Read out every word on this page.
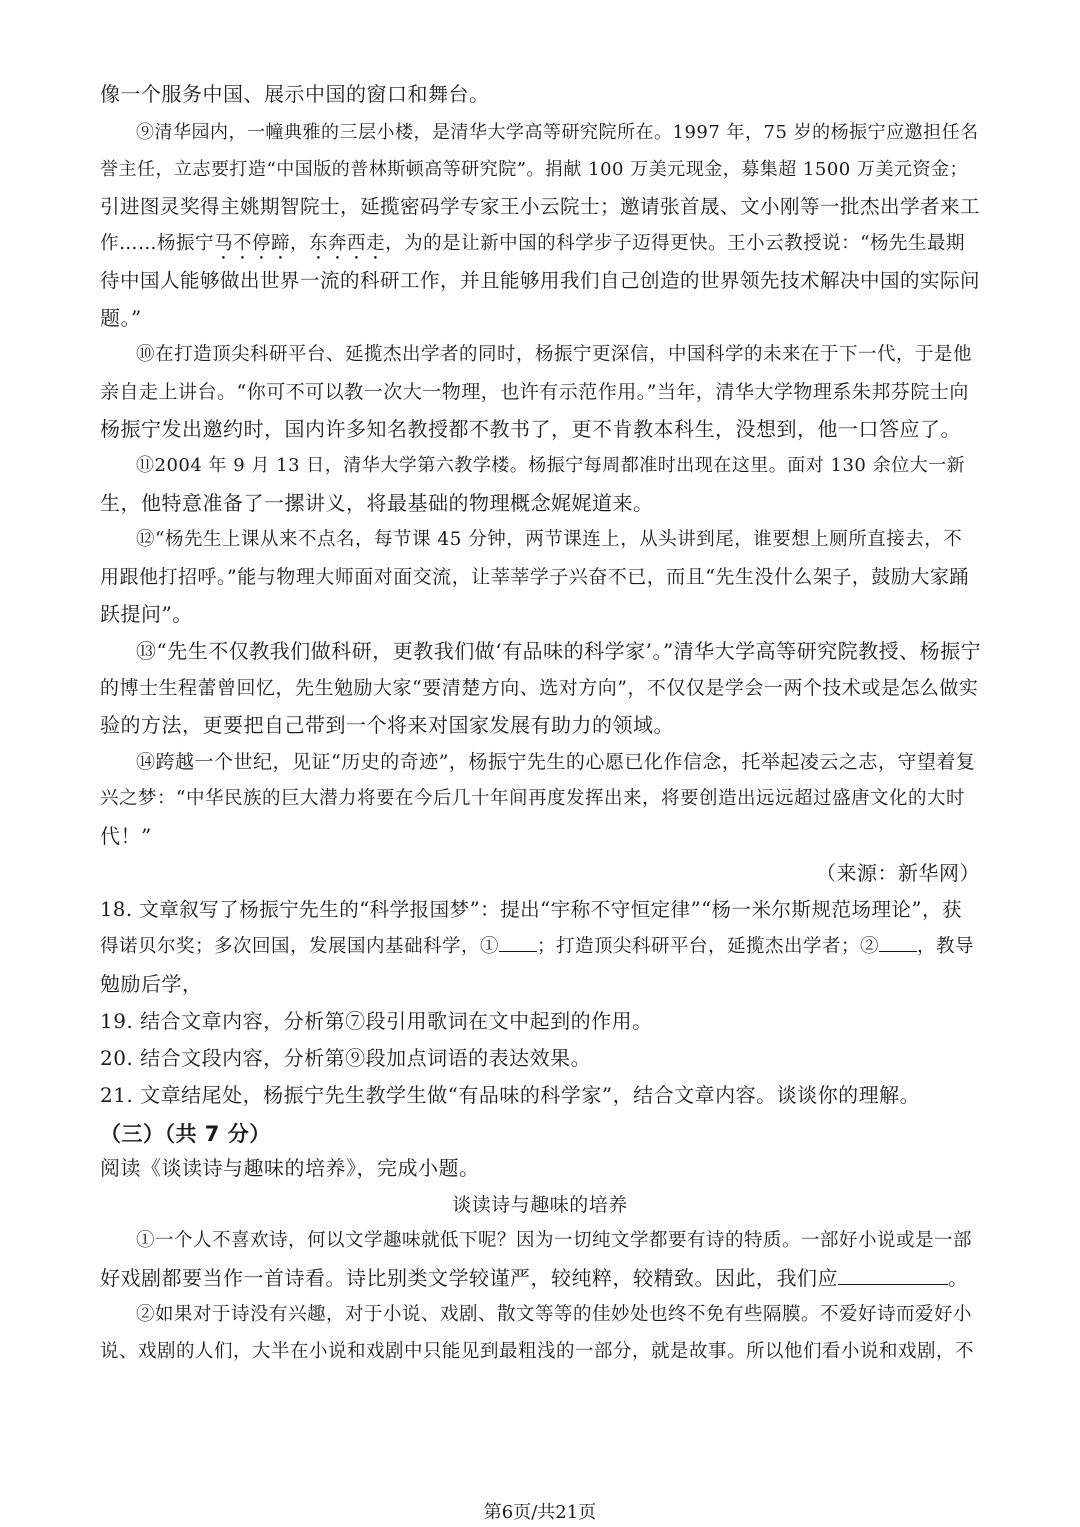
像一个服务中国、展示中国的窗口和舞台。
⑨清华园内，一幢典雅的三层小楼，是清华大学高等研究院所在。1997 年，75 岁的杨振宁应邀担任名
誉主任，立志要打造“中国版的普林斯顿高等研究院”。捐献 100 万美元现金，募集超 1500 万美元资金；
引进图灵奖得主姚期智院士，延揽密码学专家王小云院士；邀请张首晟、文小刚等一批杰出学者来工
作……杨振宁马不停蹄，东奔西走，为的是让新中国的科学步子迈得更快。王小云教授说：“杨先生最期
待中国人能够做出世界一流的科研工作，并且能够用我们自己创造的世界领先技术解决中国的实际问
题。”
⑩在打造顶尖科研平台、延揽杰出学者的同时，杨振宁更深信，中国科学的未来在于下一代，于是他
亲自走上讲台。“你可不可以教一次大一物理，也许有示范作用。”当年，清华大学物理系朱邦芬院士向
杨振宁发出邀约时，国内许多知名教授都不教书了，更不肯教本科生，没想到，他一口答应了。
⑪2004 年 9 月 13 日，清华大学第六教学楼。杨振宁每周都准时出现在这里。面对 130 余位大一新
生，他特意准备了一摞讲义，将最基础的物理概念娓娓道来。
⑫“杨先生上课从来不点名，每节课 45 分钟，两节课连上，从头讲到尾，谁要想上厕所直接去，不
用跟他打招呼。”能与物理大师面对面交流，让莘莘学子兴奋不已，而且“先生没什么架子，鼓励大家踊
跃提问”。
⑬“先生不仅教我们做科研，更教我们做‘有品味的科学家’。”清华大学高等研究院教授、杨振宁
的博士生程蕾曾回忆，先生勉励大家“要清楚方向、选对方向”，不仅仅是学会一两个技术或是怎么做实
验的方法，更要把自己带到一个将来对国家发展有助力的领域。
⑭跨越一个世纪，见证“历史的奇迹”，杨振宁先生的心愿已化作信念，托举起凌云之志，守望着复
兴之梦：“中华民族的巨大潜力将要在今后几十年间再度发挥出来，将要创造出远远超过盛唐文化的大时
代！”
（来源：新华网）
18. 文章叙写了杨振宁先生的“科学报国梦”：提出“宇称不守恒定律”“杨一米尔斯规范场理论”，获
得诺贝尔奖；多次回国，发展国内基础科学，① ；打造顶尖科研平台，延揽杰出学者；② ，教导
勉励后学，
19. 结合文章内容，分析第⑦段引用歌词在文中起到的作用。
20. 结合文段内容，分析第⑨段加点词语的表达效果。
21. 文章结尾处，杨振宁先生教学生做“有品味的科学家”，结合文章内容。谈谈你的理解。
（三）（共 7 分）
阅读《谈读诗与趣味的培养》，完成小题。
谈读诗与趣味的培养
①一个人不喜欢诗，何以文学趣味就低下呢？因为一切纯文学都要有诗的特质。一部好小说或是一部
好戏剧都要当作一首诗看。诗比别类文学较谨严，较纯粹，较精致。因此，我们应	。
②如果对于诗没有兴趣，对于小说、戏剧、散文等等的佳妙处也终不免有些隔膜。不爱好诗而爱好小
说、戏剧的人们，大半在小说和戏剧中只能见到最粗浅的一部分，就是故事。所以他们看小说和戏剧，不
第6页/共21页
